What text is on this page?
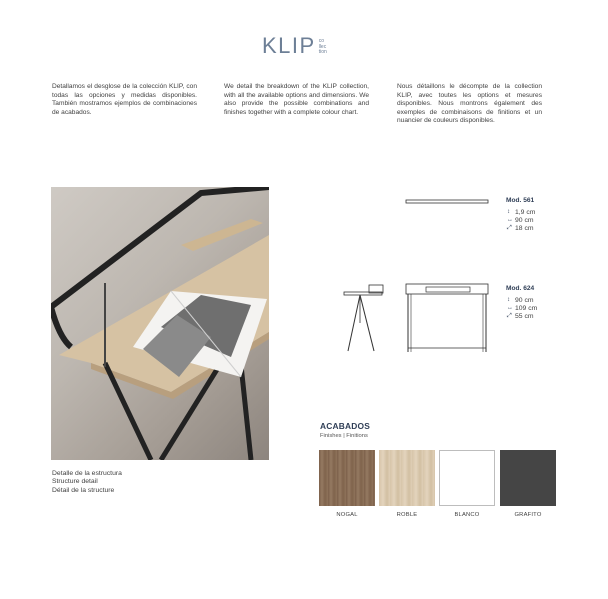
KLIP co
llec
tion
Detallamos el desglose de la colección KLIP, con todas las opciones y medidas disponibles. También mostramos ejemplos de combinaciones de acabados.
We detail the breakdown of the KLIP collection, with all the available options and dimensions. We also provide the possible combinations and finishes together with a complete colour chart.
Nous détaillons le décompte de la collection KLIP, avec toutes les options et mesures disponibles. Nous montrons également des exemples de combinaisons de finitions et un nuancier de couleurs disponibles.
Detalle de la estructura
Structure detail
Détail de la structure
Mod. 561
↕ 1,9 cm
↔ 90 cm
⤢ 18 cm
Mod. 624
↕ 90 cm
↔ 109 cm
⤢ 55 cm
ACABADOS
Finishes | Finitions
NOGAL	ROBLE	BLANCO	GRAFITO
